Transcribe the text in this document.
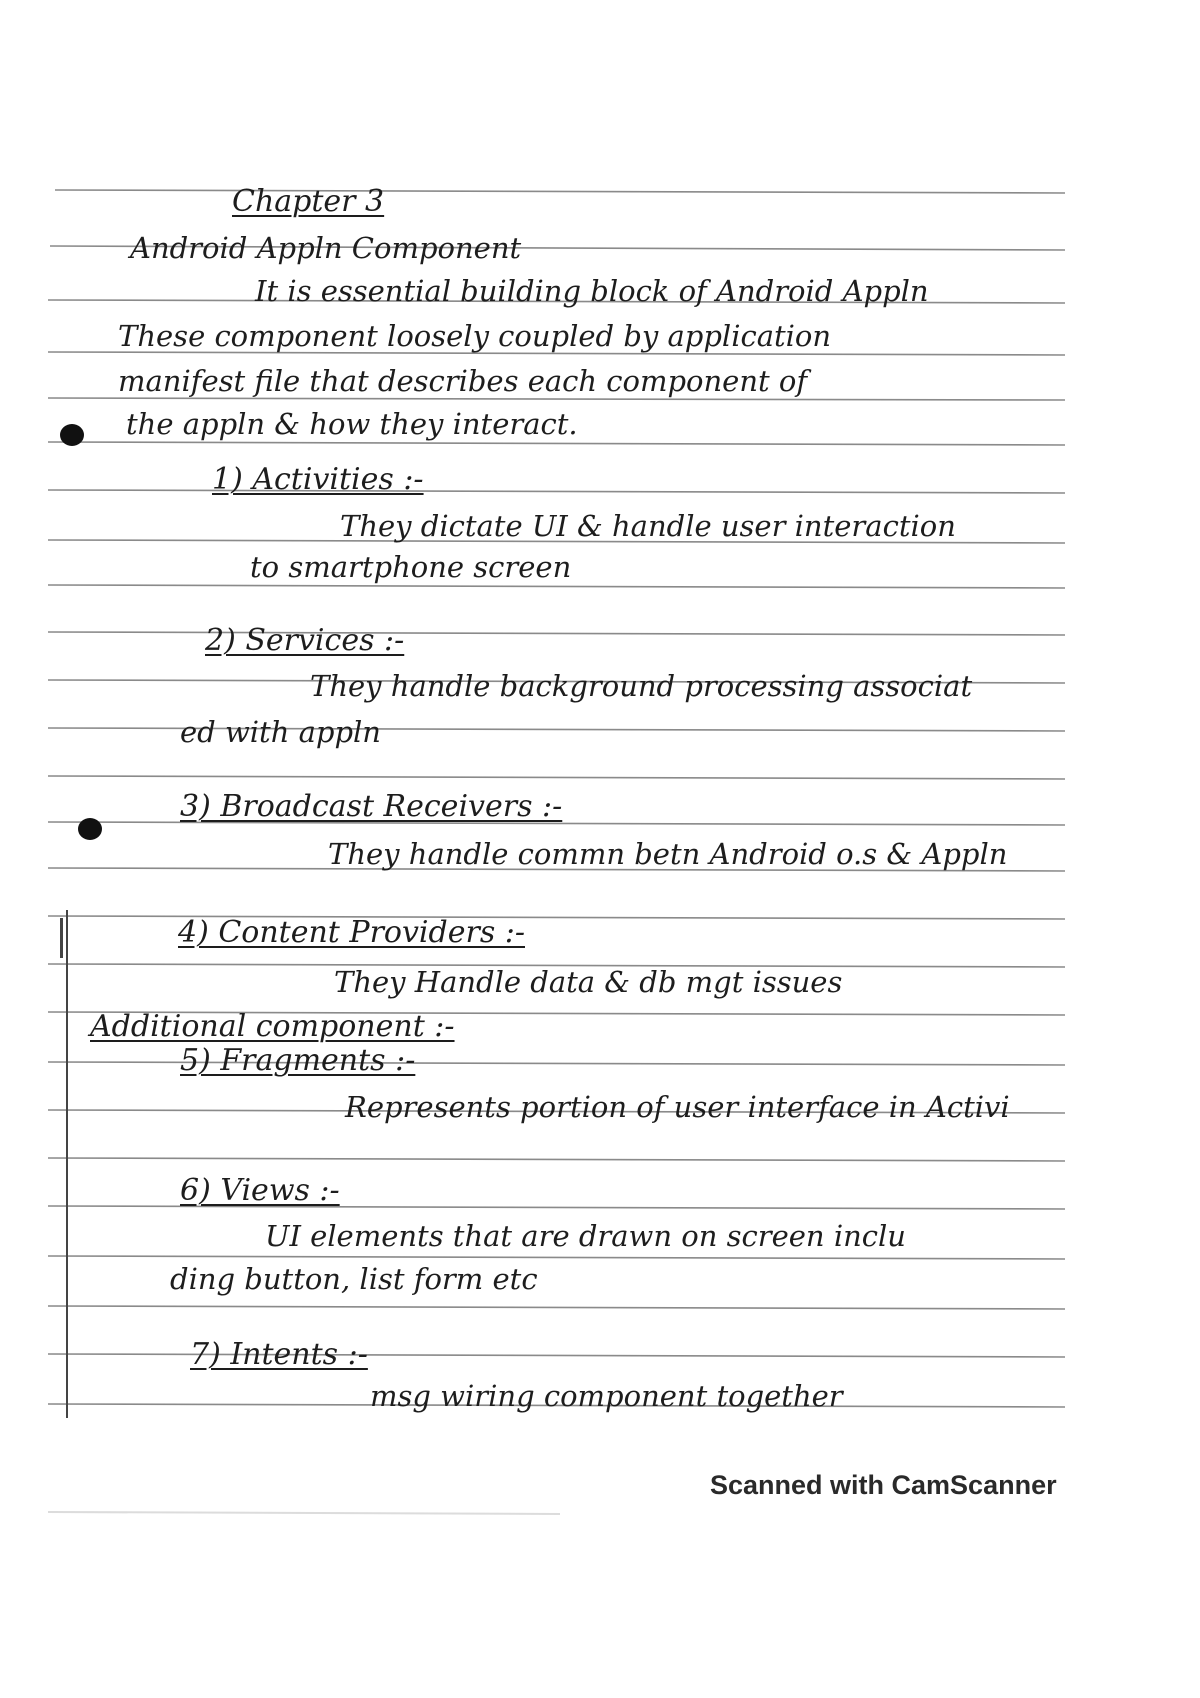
Chapter 3
Android Appln Component
It is essential building block of Android Appln
These component loosely coupled by application
manifest file that describes each component of
the appln & how they interact.
1) Activities :-
They dictate UI & handle user interaction
to smartphone screen
2) Services :-
They handle background processing associat
ed with appln
3) Broadcast Receivers :-
They handle commn betn Android o.s & Appln
4) Content Providers :-
They Handle data & db mgt issues
Additional component :-
5) Fragments :-
Represents portion of user interface in Activi
6) Views :-
UI elements that are drawn on screen inclu
ding button, list form etc
7) Intents :-
msg wiring component together
Scanned with CamScanner
